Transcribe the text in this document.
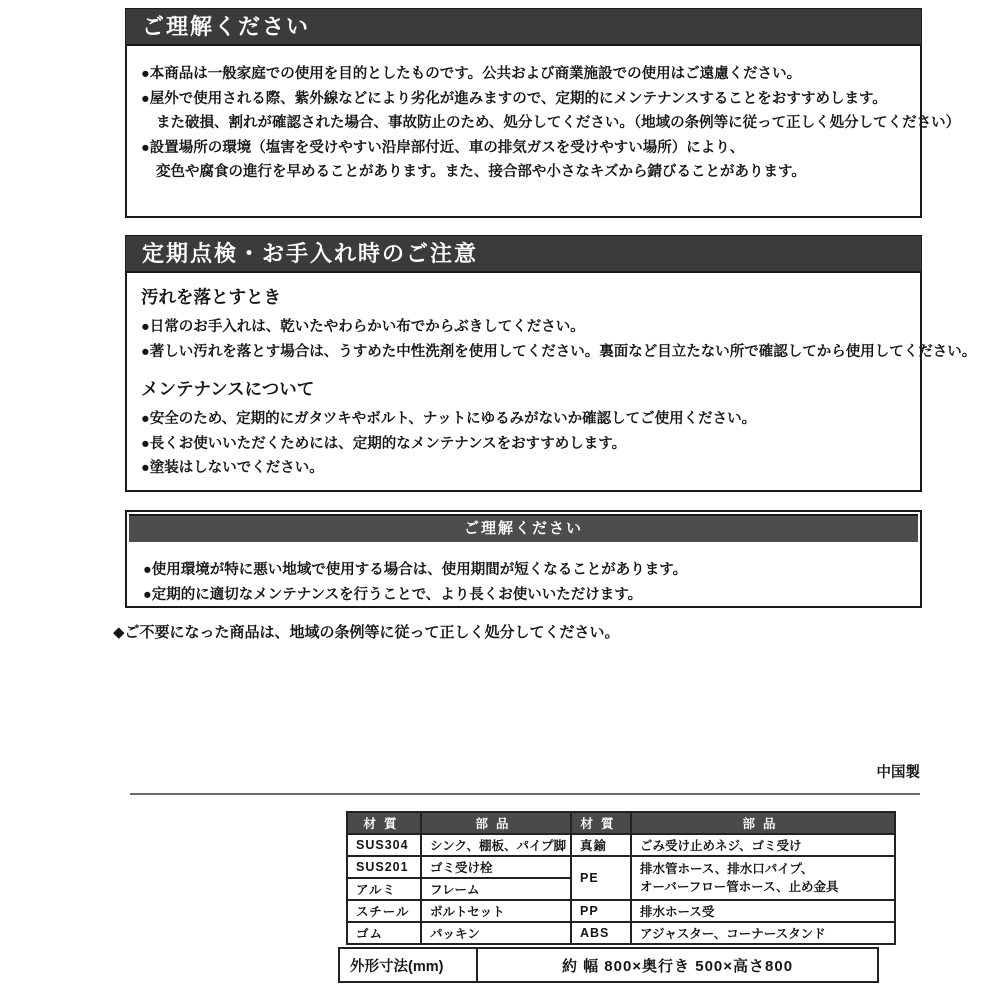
ご理解ください
●本商品は一般家庭での使用を目的としたものです。公共および商業施設での使用はご遠慮ください。
●屋外で使用される際、紫外線などにより劣化が進みますので、定期的にメンテナンスすることをおすすめします。
また破損、割れが確認された場合、事故防止のため、処分してください。（地域の条例等に従って正しく処分してください）
●設置場所の環境（塩害を受けやすい沿岸部付近、車の排気ガスを受けやすい場所）により、
変色や腐食の進行を早めることがあります。また、接合部や小さなキズから錆びることがあります。
定期点検・お手入れ時のご注意
汚れを落とすとき
●日常のお手入れは、乾いたやわらかい布でからぶきしてください。
●著しい汚れを落とす場合は、うすめた中性洗剤を使用してください。裏面など目立たない所で確認してから使用してください。
メンテナンスについて
●安全のため、定期的にガタツキやボルト、ナットにゆるみがないか確認してご使用ください。
●長くお使いいただくためには、定期的なメンテナンスをおすすめします。
●塗装はしないでください。
ご理解ください
●使用環境が特に悪い地域で使用する場合は、使用期間が短くなることがあります。
●定期的に適切なメンテナンスを行うことで、より長くお使いいただけます。
◆ご不要になった商品は、地域の条例等に従って正しく処分してください。
中国製
材質	部品	材質	部品
SUS304	シンク、棚板、パイプ脚	真鍮	ごみ受け止めネジ、ゴミ受け
SUS201	ゴミ受け栓	PE	排水管ホース、排水口パイプ、
オーバーフロー管ホース、止め金具

アルミ	フレーム		
スチール	ボルトセット	PP	排水ホース受
ゴム	パッキン	ABS	アジャスター、コーナースタンド
外形寸法(mm)	約 幅 800×奥行き 500×高さ800
